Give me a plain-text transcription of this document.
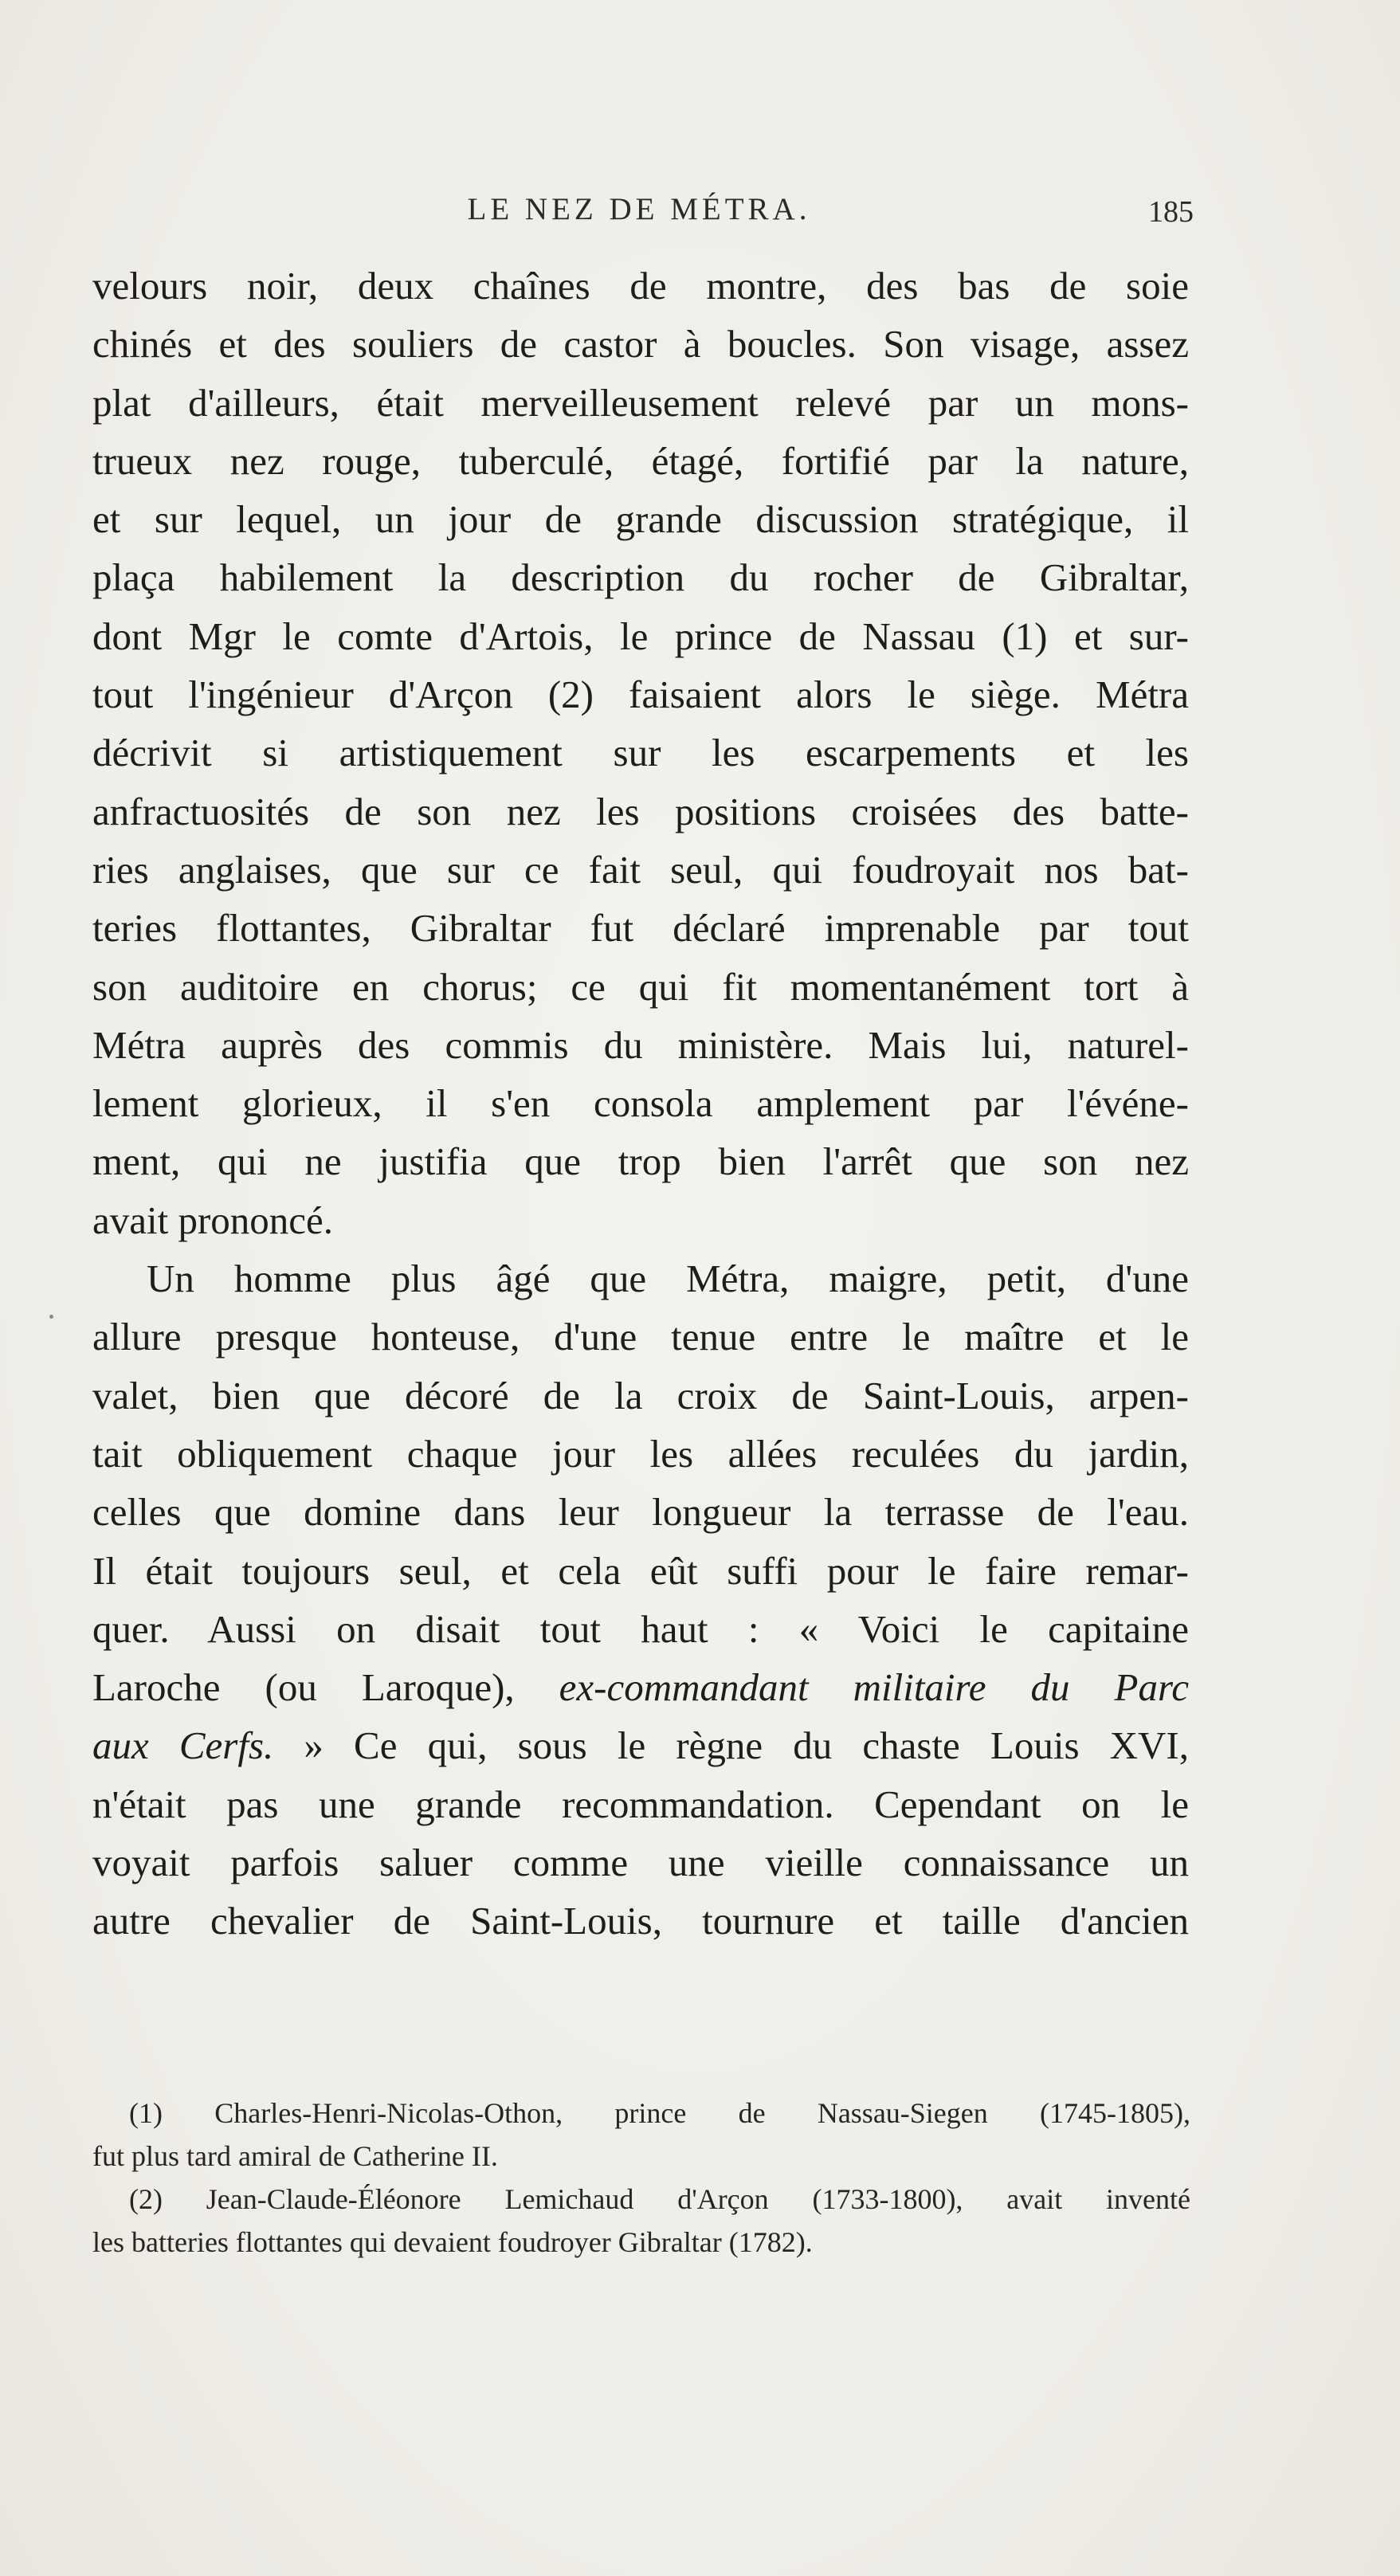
LE NEZ DE MÉTRA.	185
velours noir, deux chaînes de montre, des bas de soie
chinés et des souliers de castor à boucles. Son visage, assez
plat d'ailleurs, était merveilleusement relevé par un mons-
trueux nez rouge, tuberculé, étagé, fortifié par la nature,
et sur lequel, un jour de grande discussion stratégique, il
plaça habilement la description du rocher de Gibraltar,
dont Mgr le comte d'Artois, le prince de Nassau (1) et sur-
tout l'ingénieur d'Arçon (2) faisaient alors le siège. Métra
décrivit si artistiquement sur les escarpements et les
anfractuosités de son nez les positions croisées des batte-
ries anglaises, que sur ce fait seul, qui foudroyait nos bat-
teries flottantes, Gibraltar fut déclaré imprenable par tout
son auditoire en chorus; ce qui fit momentanément tort à
Métra auprès des commis du ministère. Mais lui, naturel-
lement glorieux, il s'en consola amplement par l'événe-
ment, qui ne justifia que trop bien l'arrêt que son nez
avait prononcé.
Un homme plus âgé que Métra, maigre, petit, d'une
allure presque honteuse, d'une tenue entre le maître et le
valet, bien que décoré de la croix de Saint-Louis, arpen-
tait obliquement chaque jour les allées reculées du jardin,
celles que domine dans leur longueur la terrasse de l'eau.
Il était toujours seul, et cela eût suffi pour le faire remar-
quer. Aussi on disait tout haut : « Voici le capitaine
Laroche (ou Laroque), ex-commandant militaire du Parc
aux Cerfs. » Ce qui, sous le règne du chaste Louis XVI,
n'était pas une grande recommandation. Cependant on le
voyait parfois saluer comme une vieille connaissance un
autre chevalier de Saint-Louis, tournure et taille d'ancien
(1) Charles-Henri-Nicolas-Othon, prince de Nassau-Siegen (1745-1805),
fut plus tard amiral de Catherine II.
(2) Jean-Claude-Éléonore Lemichaud d'Arçon (1733-1800), avait inventé
les batteries flottantes qui devaient foudroyer Gibraltar (1782).
